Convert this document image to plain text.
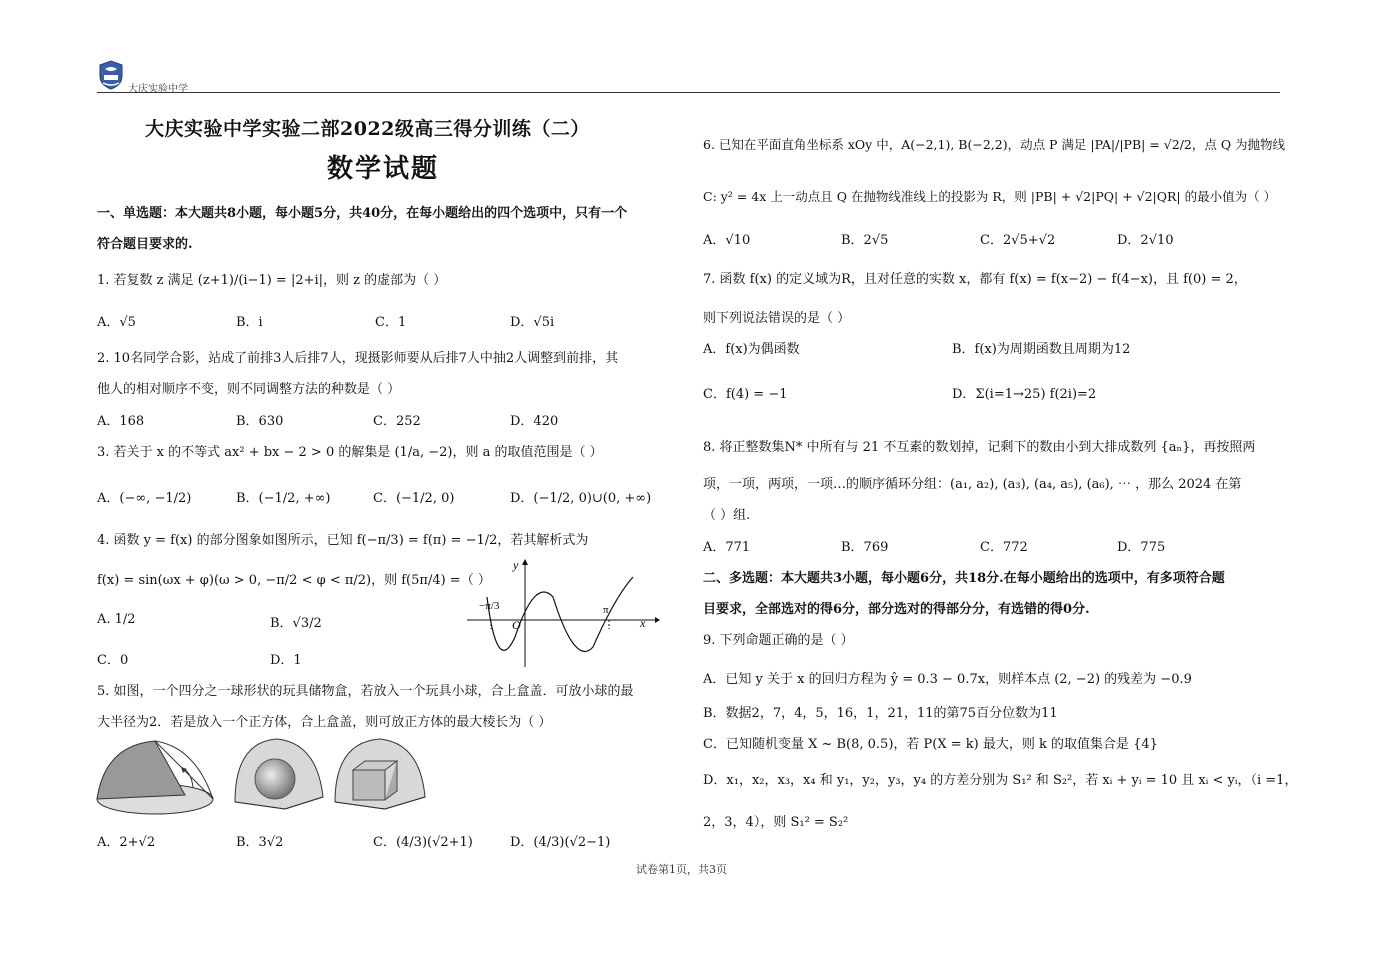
大庆实验中学
大庆实验中学实验二部2022级高三得分训练（二）
数学试题
一、单选题：本大题共8小题，每小题5分，共40分，在每小题给出的四个选项中，只有一个
符合题目要求的.
1. 若复数 z 满足 (z+1)/(i−1) = |2+i|，则 z 的虚部为（ ）
A．√5	B．i	C．1	D．√5i
2. 10名同学合影，站成了前排3人后排7人，现摄影师要从后排7人中抽2人调整到前排，其
他人的相对顺序不变，则不同调整方法的种数是（ ）
A．168	B．630	C．252	D．420
3. 若关于 x 的不等式 ax² + bx − 2 > 0 的解集是 (1/a, −2)，则 a 的取值范围是（ ）
A．(−∞, −1/2)	B．(−1/2, +∞)	C．(−1/2, 0)	D．(−1/2, 0)∪(0, +∞)
4. 函数 y = f(x) 的部分图象如图所示，已知 f(−π/3) = f(π) = −1/2，若其解析式为
f(x) = sin(ωx + φ)(ω > 0, −π/2 < φ < π/2)，则 f(5π/4) =（ ）
A. 1/2	B．√3/2
C．0	D．1
y
x
O
−π/3	π
5. 如图，一个四分之一球形状的玩具储物盒，若放入一个玩具小球，合上盒盖．可放小球的最
大半径为2．若是放入一个正方体，合上盒盖，则可放正方体的最大棱长为（ ）
A．2+√2	B．3√2	C．(4/3)(√2+1)	D．(4/3)(√2−1)
6. 已知在平面直角坐标系 xOy 中，A(−2,1), B(−2,2)，动点 P 满足 |PA|/|PB| = √2/2，点 Q 为抛物线
C: y² = 4x 上一动点且 Q 在抛物线准线上的投影为 R，则 |PB| + √2|PQ| + √2|QR| 的最小值为（ ）
A．√10	B．2√5	C．2√5+√2	D．2√10
7. 函数 f(x) 的定义域为R，且对任意的实数 x，都有 f(x) = f(x−2) − f(4−x)，且 f(0) = 2，
则下列说法错误的是（ ）
A．f(x)为偶函数	B．f(x)为周期函数且周期为12
C．f(4) = −1	D．Σ(i=1→25) f(2i)=2
8. 将正整数集N* 中所有与 21 不互素的数划掉，记剩下的数由小到大排成数列 {aₙ}，再按照两
项，一项，两项，一项…的顺序循环分组：(a₁, a₂), (a₃), (a₄, a₅), (a₆), ⋯ ，那么 2024 在第
（ ）组.
A．771	B．769	C．772	D．775
二、多选题：本大题共3小题，每小题6分，共18分.在每小题给出的选项中，有多项符合题
目要求，全部选对的得6分，部分选对的得部分分，有选错的得0分.
9. 下列命题正确的是（ ）
A．已知 y 关于 x 的回归方程为 ŷ = 0.3 − 0.7x，则样本点 (2, −2) 的残差为 −0.9
B．数据2，7，4，5，16，1，21，11的第75百分位数为11
C．已知随机变量 X ~ B(8, 0.5)，若 P(X = k) 最大，则 k 的取值集合是 {4}
D．x₁，x₂，x₃，x₄ 和 y₁，y₂，y₃，y₄ 的方差分别为 S₁² 和 S₂²，若 xᵢ + yᵢ = 10 且 xᵢ < yᵢ，（i =1，
2，3，4），则 S₁² = S₂²
试卷第1页，共3页
